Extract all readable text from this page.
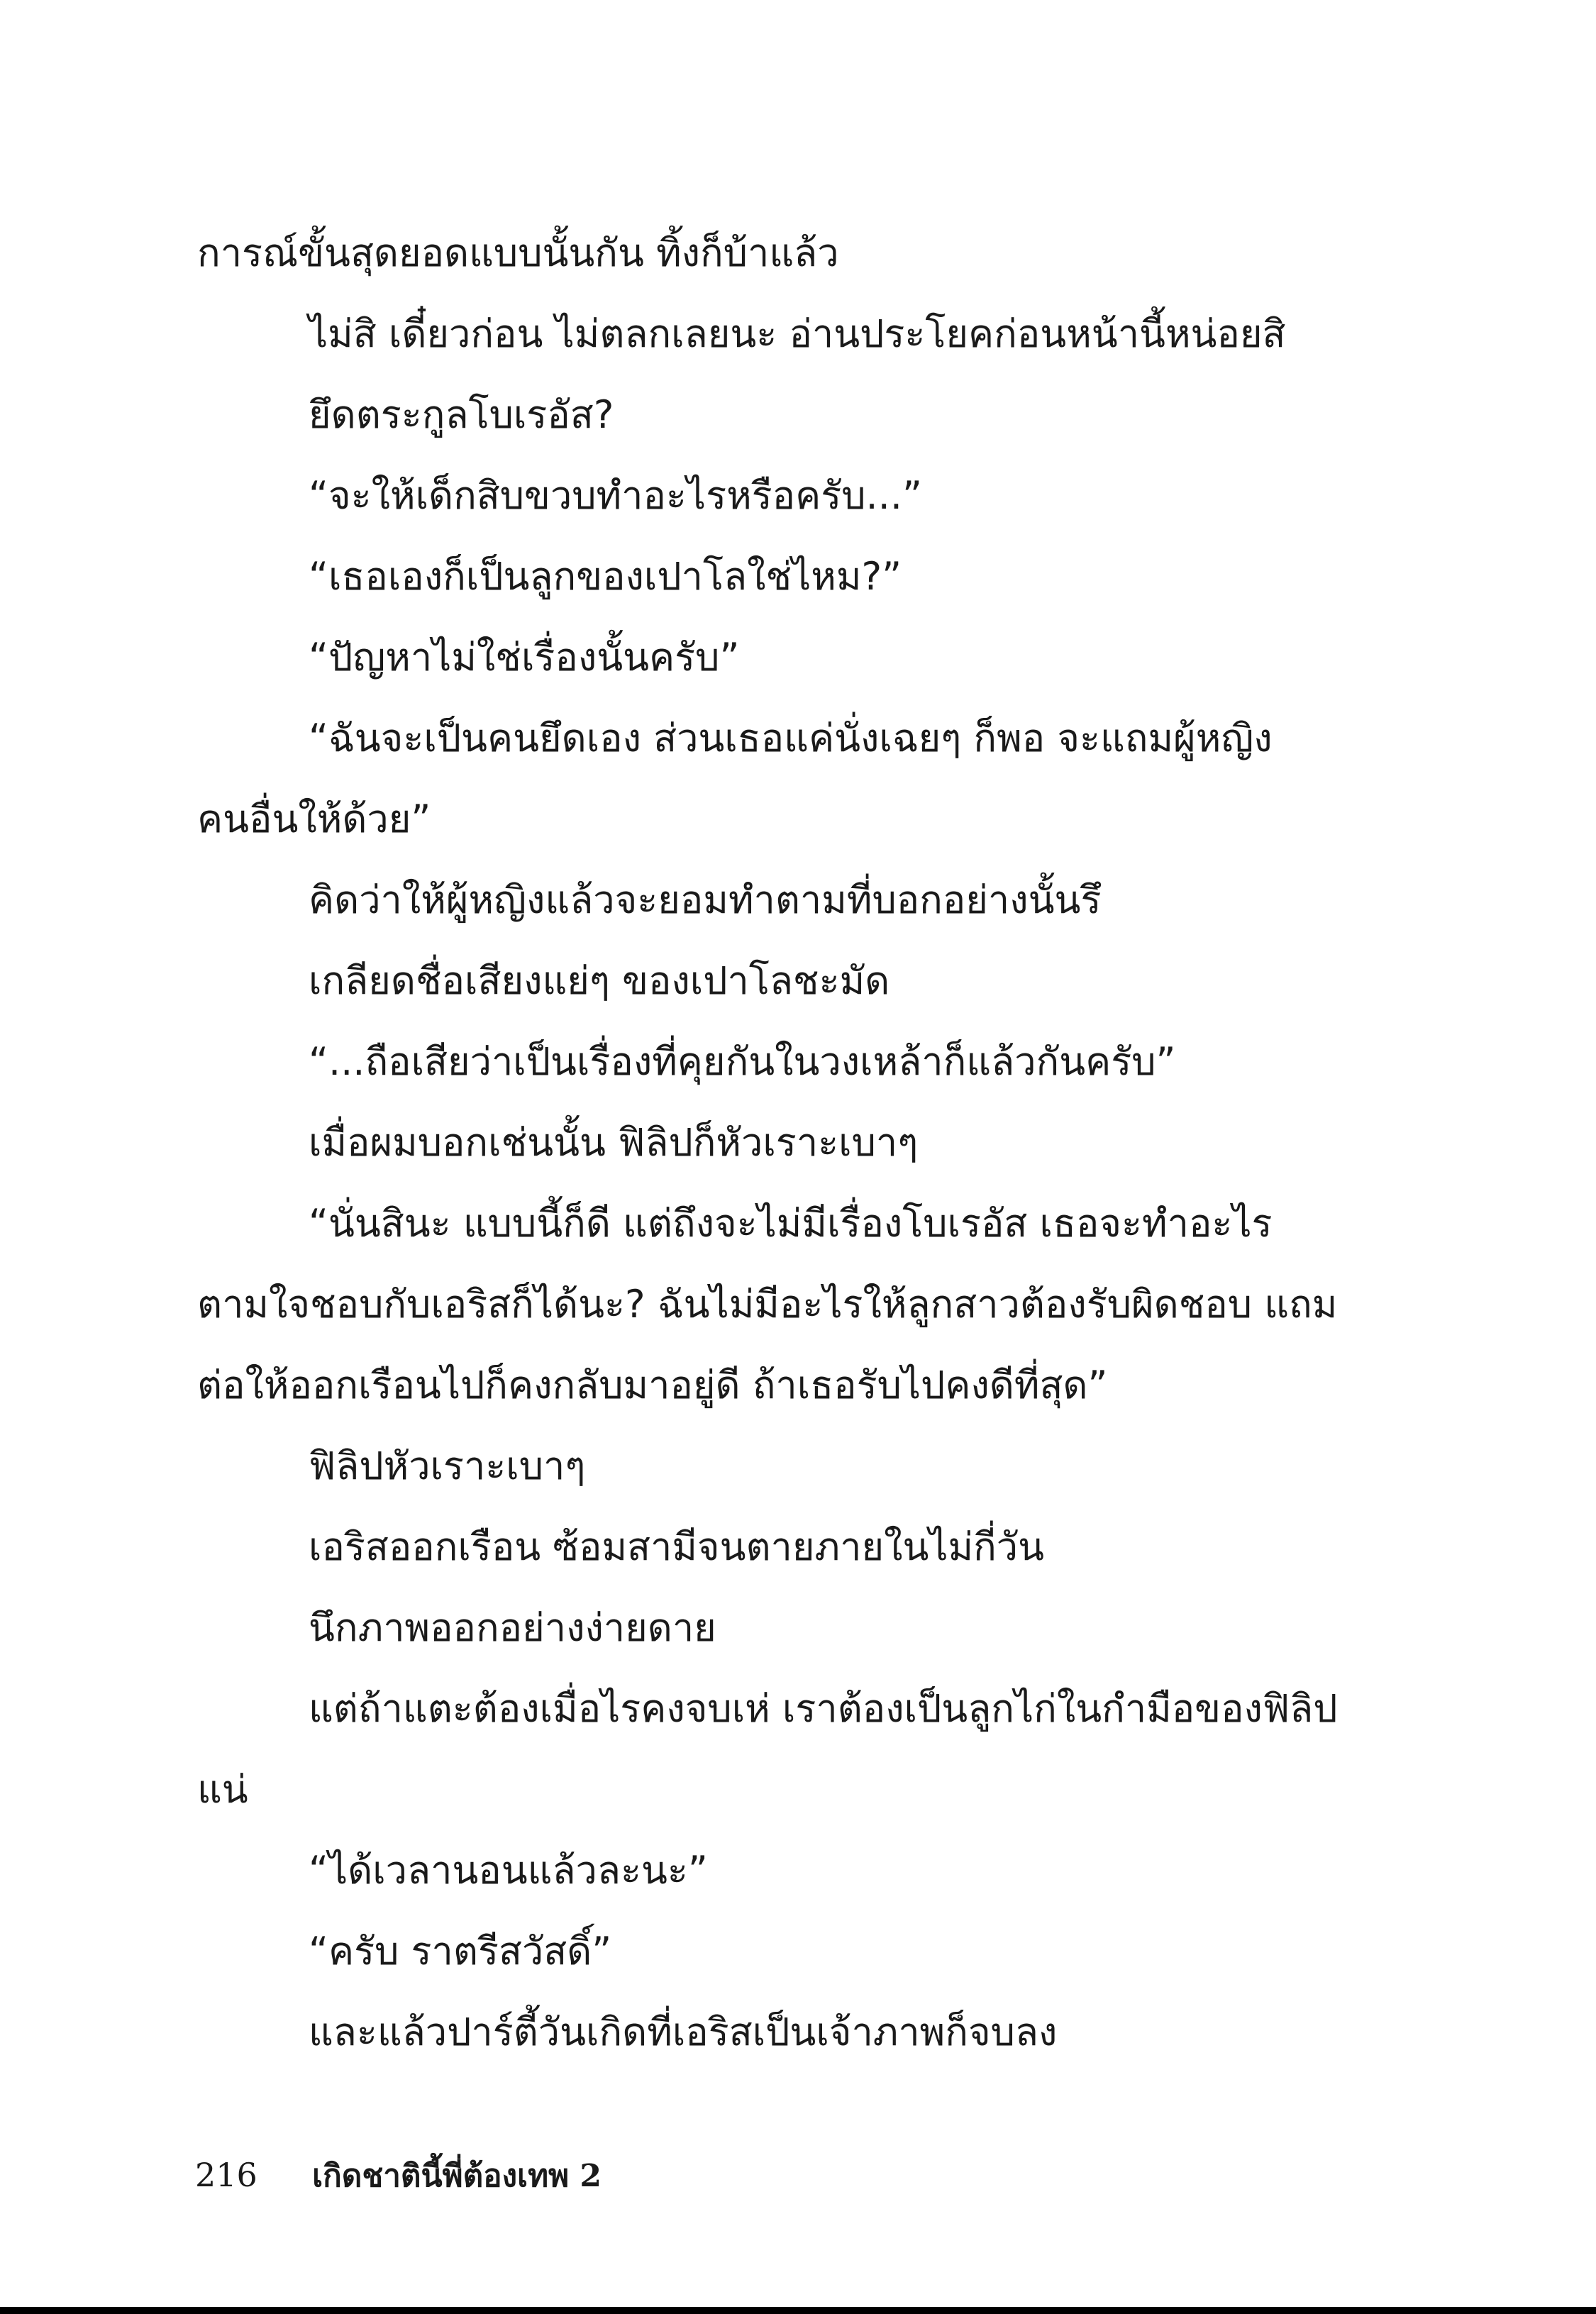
การณ์ขั้นสุดยอดแบบนั้นกัน ทิ้งก็บ้าแล้ว
ไม่สิ เดี๋ยวก่อน ไม่ตลกเลยนะ อ่านประโยคก่อนหน้านี้หน่อยสิ
ยึดตระกูลโบเรอัส?
“จะให้เด็กสิบขวบทำอะไรหรือครับ...”
“เธอเองก็เป็นลูกของเปาโลใช่ไหม?”
“ปัญหาไม่ใช่เรื่องนั้นครับ”
“ฉันจะเป็นคนยึดเอง ส่วนเธอแค่นั่งเฉยๆ ก็พอ จะแถมผู้หญิง
คนอื่นให้ด้วย”
คิดว่าให้ผู้หญิงแล้วจะยอมทำตามที่บอกอย่างนั้นรึ
เกลียดชื่อเสียงแย่ๆ ของเปาโลชะมัด
“...ถือเสียว่าเป็นเรื่องที่คุยกันในวงเหล้าก็แล้วกันครับ”
เมื่อผมบอกเช่นนั้น ฟิลิปก็หัวเราะเบาๆ
“นั่นสินะ แบบนี้ก็ดี แต่ถึงจะไม่มีเรื่องโบเรอัส เธอจะทำอะไร
ตามใจชอบกับเอริสก็ได้นะ? ฉันไม่มีอะไรให้ลูกสาวต้องรับผิดชอบ แถม
ต่อให้ออกเรือนไปก็คงกลับมาอยู่ดี ถ้าเธอรับไปคงดีที่สุด”
ฟิลิปหัวเราะเบาๆ
เอริสออกเรือน ซ้อมสามีจนตายภายในไม่กี่วัน
นึกภาพออกอย่างง่ายดาย
แต่ถ้าแตะต้องเมื่อไรคงจบเห่ เราต้องเป็นลูกไก่ในกำมือของฟิลิป
แน่
“ได้เวลานอนแล้วละนะ”
“ครับ ราตรีสวัสดิ์”
และแล้วปาร์ตี้วันเกิดที่เอริสเป็นเจ้าภาพก็จบลง
216 เกิดชาตินี้พี่ต้องเทพ 2
